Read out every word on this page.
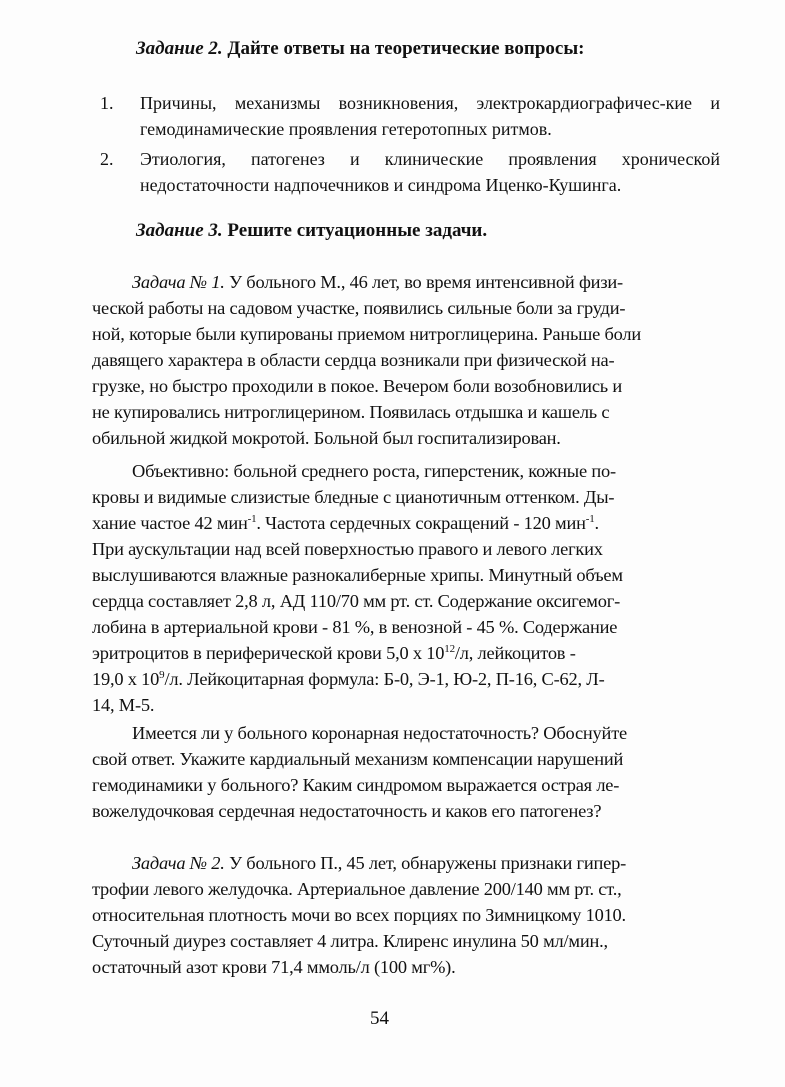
Задание 2. Дайте ответы на теоретические вопросы:
1.	Причины, механизмы возникновения, электрокардиографичес-кие и гемодинамические проявления гетеротопных ритмов.
2.	Этиология, патогенез и клинические проявления хронической недостаточности надпочечников и синдрома Иценко-Кушинга.
Задание 3. Решите ситуационные задачи.
Задача № 1. У больного М., 46 лет, во время интенсивной физи-
ческой работы на садовом участке, появились сильные боли за груди-
ной, которые были купированы приемом нитроглицерина. Раньше боли
давящего характера в области сердца возникали при физической на-
грузке, но быстро проходили в покое. Вечером боли возобновились и
не купировались нитроглицерином. Появилась отдышка и кашель с
обильной жидкой мокротой. Больной был госпитализирован.
Объективно: больной среднего роста, гиперстеник, кожные по-
кровы и видимые слизистые бледные с цианотичным оттенком. Ды-
хание частое 42 мин$^{-1}$. Частота сердечных сокращений - 120 мин$^{-1}$.
При аускультации над всей поверхностью правого и левого легких
выслушиваются влажные разнокалиберные хрипы. Минутный объем
сердца составляет 2,8 л, АД 110/70 мм рт. ст. Содержание оксигемог-
лобина в артериальной крови - 81 %, в венозной - 45 %. Содержание
эритроцитов в периферической крови 5,0 х $10^{12}/л$, лейкоцитов -
19,0 х $10^9/л$. Лейкоцитарная формула: Б-0, Э-1, Ю-2, П-16, С-62, Л-
14, М-5.
Имеется ли у больного коронарная недостаточность? Обоснуйте
свой ответ. Укажите кардиальный механизм компенсации нарушений
гемодинамики у больного? Каким синдромом выражается острая ле-
вожелудочковая сердечная недостаточность и каков его патогенез?
Задача № 2. У больного П., 45 лет, обнаружены признаки гипер-
трофии левого желудочка. Артериальное давление 200/140 мм рт. ст.,
относительная плотность мочи во всех порциях по Зимницкому 1010.
Суточный диурез составляет 4 литра. Клиренс инулина 50 мл/мин.,
остаточный азот крови 71,4 ммоль/л (100 мг%).
54
